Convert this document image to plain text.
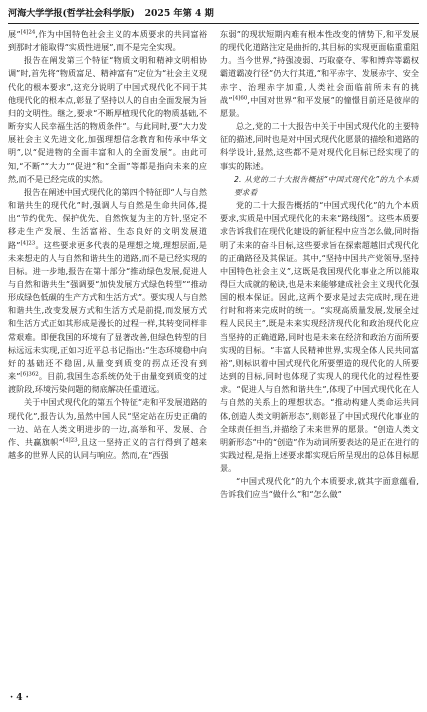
河海大学学报(哲学社会科学版) 2025 年第 4 期

展”$^{[4]24}$,作为中国特色社会主义的本质要求的共同富裕到那时才能取得“实质性进展”,而不是完全实现。

报告在阐发第三个特征“物质文明和精神文明相协调”时,首先将“物质富足、精神富有”定位为“社会主义现代化的根本要求”,这充分说明了中国式现代化不同于其他现代化的根本点,彰显了坚持以人的自由全面发展为旨归的文明性。继之,要求“不断厚植现代化的物质基础,不断夯实人民幸福生活的物质条件”。与此同时,要“大力发展社会主义先进文化,加强理想信念教育和传承中华文明”,以“促进物的全面丰富和人的全面发展”。由此可知,“不断”“大力”“促进”和“全面”等都是指向未来的应然,而不是已经完成的实然。

报告在阐述中国式现代化的第四个特征即“人与自然和谐共生的现代化”时,强调人与自然是生命共同体,提出“节约优先、保护优先、自然恢复为主的方针,坚定不移走生产发展、生活富裕、生态良好的文明发展道路”$^{[4]23}$。这些要求更多代表的是理想之境,理想层面,是未来想走的人与自然和谐共生的道路,而不是已经实现的目标。进一步地,报告在第十部分“推动绿色发展,促进人与自然和谐共生”强调要“加快发展方式绿色转型”“推动形成绿色低碳的生产方式和生活方式”。要实现人与自然和谐共生,改变发展方式和生活方式是前提,而发展方式和生活方式正如其形成是漫长的过程一样,其转变同样非常艰难。即便我国的环境有了显著改善,但绿色转型的目标远远未实现,正如习近平总书记指出:“生态环境稳中向好的基础还不稳固,从量变到质变的拐点还没有到来”$^{[6]362}$。目前,我国生态系统仍处于由量变到质变的过渡阶段,环境污染问题的彻底解决任重道远。

关于中国式现代化的第五个特征“走和平发展道路的现代化”,报告认为,虽然中国人民“坚定站在历史正确的一边、站在人类文明进步的一边,高举和平、发展、合作、共赢旗帜”$^{[4]23}$,且这一坚持正义的言行得到了越来越多的世界人民的认同与响应。然而,在“西强

东弱”的现状短期内难有根本性改变的情势下,和平发展的现代化道路注定是曲折的,其目标的实现更面临重重阻力。当今世界,“持强凌弱、巧取豪夺、零和博弈等霸权霸道霸凌行径”仍大行其道,“和平赤字、发展赤字、安全赤字、治理赤字加重,人类社会面临前所未有的挑战”$^{[4]60}$,中国对世界“和平发展”的憧憬目前还是彼岸的愿景。

总之,党的二十大报告中关于中国式现代化的主要特征的描述,同时也是对中国式现代化愿景的描绘和道路的科学设计,显然,这些都不是对现代化目标已经实现了的事实的陈述。

2. 从党的二十大报告概括“中国式现代化”的九个本质要求看

党的二十大报告概括的“中国式现代化”的九个本质要求,实质是中国式现代化的未来“路线图”。这些本质要求告诉我们在现代化建设的新征程中应当怎么做,同时指明了未来的奋斗目标,这些要求旨在探索超越旧式现代化的正确路径及其保证。其中,“坚持中国共产党领导,坚持中国特色社会主义”,这既是我国现代化事业之所以能取得巨大成就的秘诀,也是未来能够建成社会主义现代化强国的根本保证。因此,这两个要求是过去完成时,现在进行时和将来完成时的统一。“实现高质量发展,发展全过程人民民主”,既是未来实现经济现代化和政治现代化应当坚持的正确道路,同时也是未来在经济和政治方面所要实现的目标。“丰富人民精神世界,实现全体人民共同富裕”,则标识着中国式现代化所要塑造的现代化的人所要达到的目标,同时也体现了实现人的现代化的过程性要求。“促进人与自然和谐共生”,体现了中国式现代化在人与自然的关系上的理想状态。“推动构建人类命运共同体,创造人类文明新形态”,则彰显了中国式现代化事业的全球责任担当,并描绘了未来世界的愿景。“创造人类文明新形态”中的“创造”作为动词所要表达的是正在进行的实践过程,是指上述要求都实现后所呈现出的总体目标愿景。

“中国式现代化”的九个本质要求,就其字面意蕴看,告诉我们应当“做什么”和“怎么做”

· 4 ·
